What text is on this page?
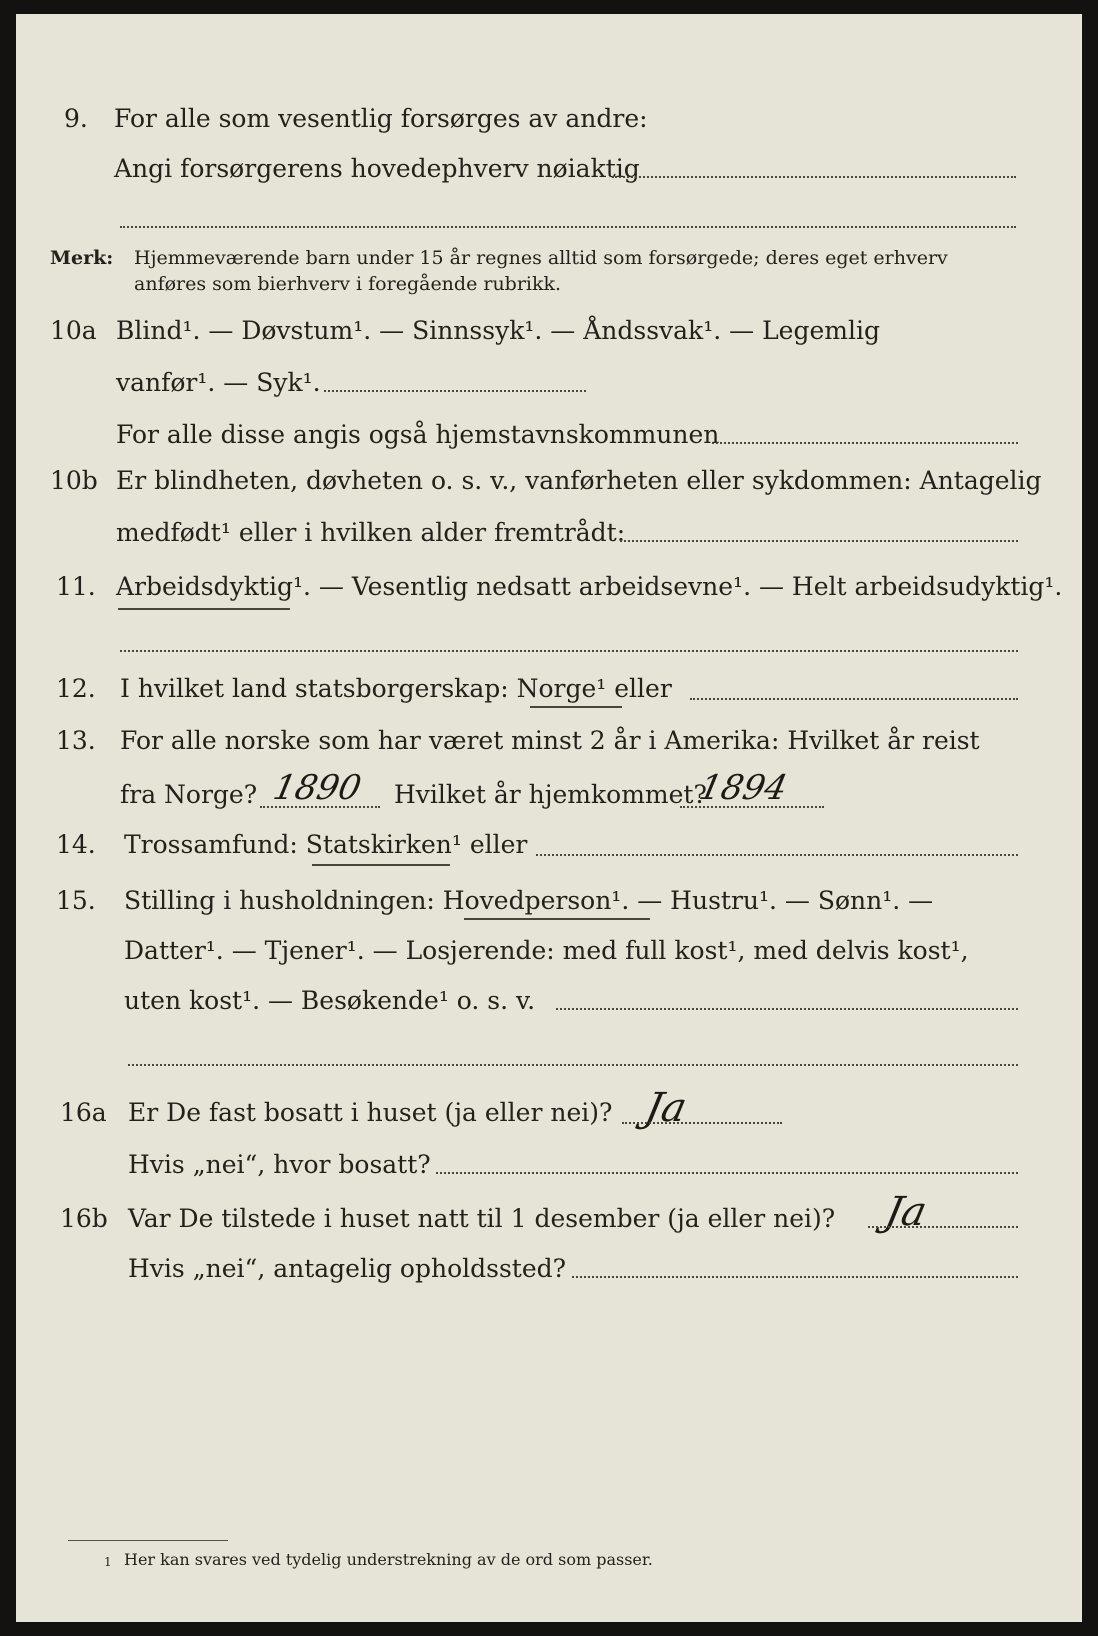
9. For alle som vesentlig forsørges av andre:
Angi forsørgerens hovedерhverv nøiaktig
Merk: Hjemmeværende barn under 15 år regnes alltid som forsørgede; deres eget erhverv
anføres som bierhverv i foregående rubrikk.
10a Blind¹. — Døvstum¹. — Sinnssyk¹. — Åndssvak¹. — Legemlig
vanfør¹. — Syk¹.
For alle disse angis også hjemstavnskommunen
10b Er blindheten, døvheten o. s. v., vanførheten eller sykdommen: Antagelig
medfødt¹ eller i hvilken alder fremtrådt:
11. Arbeidsdyktig¹. — Vesentlig nedsatt arbeidsevne¹. — Helt arbeidsudyktig¹.
12. I hvilket land statsborgerskap: Norge¹ eller
13. For alle norske som har været minst 2 år i Amerika: Hvilket år reist
fra Norge? 1890 Hvilket år hjemkommet?
1894
14. Trossamfund: Statskirken¹ eller
15. Stilling i husholdningen: Hovedperson¹. — Hustru¹. — Sønn¹. —
Datter¹. — Tjener¹. — Losjerende: med full kost¹, med delvis kost¹,
uten kost¹. — Besøkende¹ o. s. v.
16a Er De fast bosatt i huset (ja eller nei)? Ja
Hvis „nei“, hvor bosatt?
16b Var De tilstede i huset natt til 1 desember (ja eller nei)? Ja
Hvis „nei“, antagelig opholdssted?
1 Her kan svares ved tydelig understrekning av de ord som passer.
